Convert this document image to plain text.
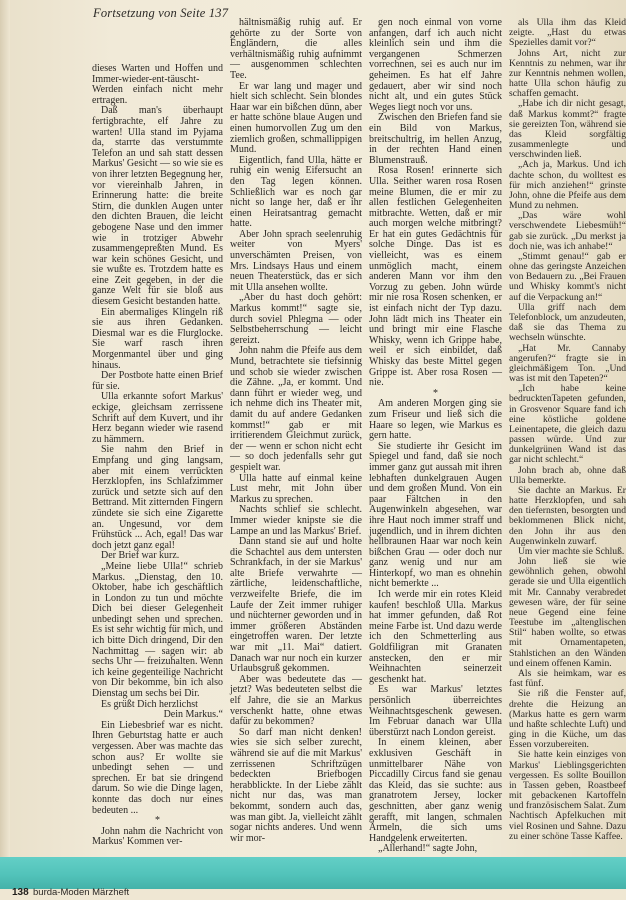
Fortsetzung von Seite 137

dieses Warten und Hoffen und Immer-wieder-ent-täuscht-Werden einfach nicht mehr ertragen.

Daß man's überhaupt fertigbrachte, elf Jahre zu warten! Ulla stand im Pyjama da, starrte das verstummte Telefon an und sah statt dessen Markus' Gesicht — so wie sie es von ihrer letzten Begegnung her, vor viereinhalb Jahren, in Erinnerung hatte: die breite Stirn, die dunklen Augen unter den dichten Brauen, die leicht gebogene Nase und den immer wie in trotziger Abwehr zusammengepreßten Mund. Es war kein schönes Gesicht, und sie wußte es. Trotzdem hatte es eine Zeit gegeben, in der die ganze Welt für sie bloß aus diesem Gesicht bestanden hatte.

Ein abermaliges Klingeln riß sie aus ihren Gedanken. Diesmal war es die Flurglocke. Sie warf rasch ihren Morgenmantel über und ging hinaus.

Der Postbote hatte einen Brief für sie.

Ulla erkannte sofort Markus' eckige, gleichsam zerrissene Schrift auf dem Kuvert, und ihr Herz begann wieder wie rasend zu hämmern.

Sie nahm den Brief in Empfang und ging langsam, aber mit einem verrückten Herzklopfen, ins Schlafzimmer zurück und setzte sich auf den Bettrand. Mit zitternden Fingern zündete sie sich eine Zigarette an. Ungesund, vor dem Frühstück ... Ach, egal! Das war doch jetzt ganz egal!

Der Brief war kurz.

„Meine liebe Ulla!“ schrieb Markus. „Dienstag, den 10. Oktober, habe ich geschäftlich in London zu tun und möchte Dich bei dieser Gelegenheit unbedingt sehen und sprechen. Es ist sehr wichtig für mich, und ich bitte Dich dringend, Dir den Nachmittag — sagen wir: ab sechs Uhr — freizuhalten. Wenn ich keine gegenteilige Nachricht von Dir bekomme, bin ich also Dienstag um sechs bei Dir.

Es grüßt Dich herzlichst

Dein Markus.“

Ein Liebesbrief war es nicht. Ihren Geburtstag hatte er auch vergessen. Aber was machte das schon aus? Er wollte sie unbedingt sehen — und sprechen. Er bat sie dringend darum. So wie die Dinge lagen, konnte das doch nur eines bedeuten ...

*

John nahm die Nachricht von Markus' Kommen ver-

hältnismäßig ruhig auf. Er gehörte zu der Sorte von Engländern, die alles verhältnismäßig ruhig aufnimmt — ausgenommen schlechten Tee.

Er war lang und mager und hielt sich schlecht. Sein blondes Haar war ein bißchen dünn, aber er hatte schöne blaue Augen und einen humorvollen Zug um den ziemlich großen, schmallippigen Mund.

Eigentlich, fand Ulla, hätte er ruhig ein wenig Eifersucht an den Tag legen können. Schließlich war es noch gar nicht so lange her, daß er ihr einen Heiratsantrag gemacht hatte.

Aber John sprach seelenruhig weiter von Myers' unverschämten Preisen, von Mrs. Lindsays Haus und einem neuen Theaterstück, das er sich mit Ulla ansehen wollte.

„Aber du hast doch gehört: Markus kommt!“ sagte sie, durch soviel Phlegma — oder Selbstbeherrschung — leicht gereizt.

John nahm die Pfeife aus dem Mund, betrachtete sie tiefsinnig und schob sie wieder zwischen die Zähne. „Ja, er kommt. Und dann führt er wieder weg, und ich nehme dich ins Theater mit, damit du auf andere Gedanken kommst!“ gab er mit irritierendem Gleichmut zurück, der — wenn er schon nicht echt — so doch jedenfalls sehr gut gespielt war.

Ulla hatte auf einmal keine Lust mehr, mit John über Markus zu sprechen.

Nachts schlief sie schlecht. Immer wieder knipste sie die Lampe an und las Markus' Brief.

Dann stand sie auf und holte die Schachtel aus dem untersten Schrankfach, in der sie Markus' alte Briefe verwahrte — zärtliche, leidenschaftliche, verzweifelte Briefe, die im Laufe der Zeit immer ruhiger und nüchterner geworden und in immer größeren Abständen eingetroffen waren. Der letzte war mit „11. Mai“ datiert. Danach war nur noch ein kurzer Urlaubsgruß gekommen.

Aber was bedeutete das — jetzt? Was bedeuteten selbst die elf Jahre, die sie an Markus verschenkt hatte, ohne etwas dafür zu bekommen?

So darf man nicht denken! wies sie sich selber zurecht, während sie auf die mit Markus' zerrissenen Schriftzügen bedeckten Briefbogen herabblickte. In der Liebe zählt nicht nur das, was man bekommt, sondern auch das, was man gibt. Ja, vielleicht zählt sogar nichts anderes. Und wenn wir mor-

gen noch einmal von vorne anfangen, darf ich auch nicht kleinlich sein und ihm die vergangenen Schmerzen vorrechnen, sei es auch nur im geheimen. Es hat elf Jahre gedauert, aber wir sind noch nicht alt, und ein gutes Stück Weges liegt noch vor uns.

Zwischen den Briefen fand sie ein Bild von Markus, breitschultrig, im hellen Anzug, in der rechten Hand einen Blumenstrauß.

Rosa Rosen! erinnerte sich Ulla. Seither waren rosa Rosen meine Blumen, die er mir zu allen festlichen Gelegenheiten mitbrachte. Wetten, daß er mir auch morgen welche mitbringt? Er hat ein gutes Gedächtnis für solche Dinge. Das ist es vielleicht, was es einem unmöglich macht, einem anderen Mann vor ihm den Vorzug zu geben. John würde mir nie rosa Rosen schenken, er ist einfach nicht der Typ dazu. John lädt mich ins Theater ein und bringt mir eine Flasche Whisky, wenn ich Grippe habe, weil er sich einbildet, daß Whisky das beste Mittel gegen Grippe ist. Aber rosa Rosen — nie.

*

Am anderen Morgen ging sie zum Friseur und ließ sich die Haare so legen, wie Markus es gern hatte.

Sie studierte ihr Gesicht im Spiegel und fand, daß sie noch immer ganz gut aussah mit ihren lebhaften dunkelgrauen Augen und dem großen Mund. Von ein paar Fältchen in den Augenwinkeln abgesehen, war ihre Haut noch immer straff und jugendlich, und in ihrem dichten hellbraunen Haar war noch kein bißchen Grau — oder doch nur ganz wenig und nur am Hinterkopf, wo man es ohnehin nicht bemerkte ...

Ich werde mir ein rotes Kleid kaufen! beschloß Ulla. Markus hat immer gefunden, daß Rot meine Farbe ist. Und dazu werde ich den Schmetterling aus Goldfiligran mit Granaten anstecken, den er mir Weihnachten seinerzeit geschenkt hat.

Es war Markus' letztes persönlich überreichtes Weihnachtsgeschenk gewesen. Im Februar danach war Ulla überstürzt nach London gereist.

In einem kleinen, aber exklusiven Geschäft in unmittelbarer Nähe von Piccadilly Circus fand sie genau das Kleid, das sie suchte: aus granatrotem Jersey, locker geschnitten, aber ganz wenig gerafft, mit langen, schmalen Ärmeln, die sich ums Handgelenk erweiterten.

„Allerhand!“ sagte John,

als Ulla ihm das Kleid zeigte. „Hast du etwas Spezielles damit vor?“

Johns Art, nicht zur Kenntnis zu nehmen, war ihr zur Kenntnis nehmen wollen, hatte Ulla schon häufig zu schaffen gemacht.

„Habe ich dir nicht gesagt, daß Markus kommt?“ fragte sie gereizten Ton, während sie das Kleid sorgfältig zusammenlegte und verschwinden ließ.

„Ach ja, Markus. Und ich dachte schon, du wolltest es für mich anziehen!“ grinste John, ohne die Pfeife aus dem Mund zu nehmen.

„Das wäre wohl verschwendete Liebesmüh!“ gab sie zurück. „Du merkst ja doch nie, was ich anhabe!“

„Stimmt genau!“ gab er ohne das geringste Anzeichen von Bedauern zu. „Bei Frauen und Whisky kommt's nicht auf die Verpackung an!“

Ulla griff nach dem Telefonblock, um anzudeuten, daß sie das Thema zu wechseln wünschte.

„Hat Mr. Cannaby angerufen?“ fragte sie in gleichmäßigem Ton. „Und was ist mit den Tapeten?“

„Ich habe keine bedrucktenTapeten gefunden, in Grosvenor Square fand ich eine köstliche goldene Leinentapete, die gleich dazu passen würde. Und zur dunkelgrünen Wand ist das gar nicht schlecht.“

John brach ab, ohne daß Ulla bemerkte.

Sie dachte an Markus. Er hatte Herzklopfen, und sah den tiefernsten, besorgten und beklommenen Blick nicht, den John ihr aus den Augenwinkeln zuwarf.

Um vier machte sie Schluß.

John ließ sie wie gewöhnlich gehen, obwohl gerade sie und Ulla eigentlich mit Mr. Cannaby verabredet gewesen wäre, der für seine neue Gegend eine feine Teestube im „altenglischen Stil“ haben wollte, so etwas mit Ornamentapeten, Stahlstichen an den Wänden und einem offenen Kamin.

Als sie heimkam, war es fast fünf.

Sie riß die Fenster auf, drehte die Heizung an (Markus hatte es gern warm und haßte schlechte Luft) und ging in die Küche, um das Essen vorzubereiten.

Sie hatte kein einziges von Markus' Lieblingsgerichten vergessen. Es sollte Bouillon in Tassen geben, Roastbeef mit gebackenen Kartoffeln und französischem Salat. Zum Nachtisch Apfelkuchen mit viel Rosinen und Sahne. Dazu zu einer schöne Tasse Kaffee.

138 burda-Moden Märzheft
